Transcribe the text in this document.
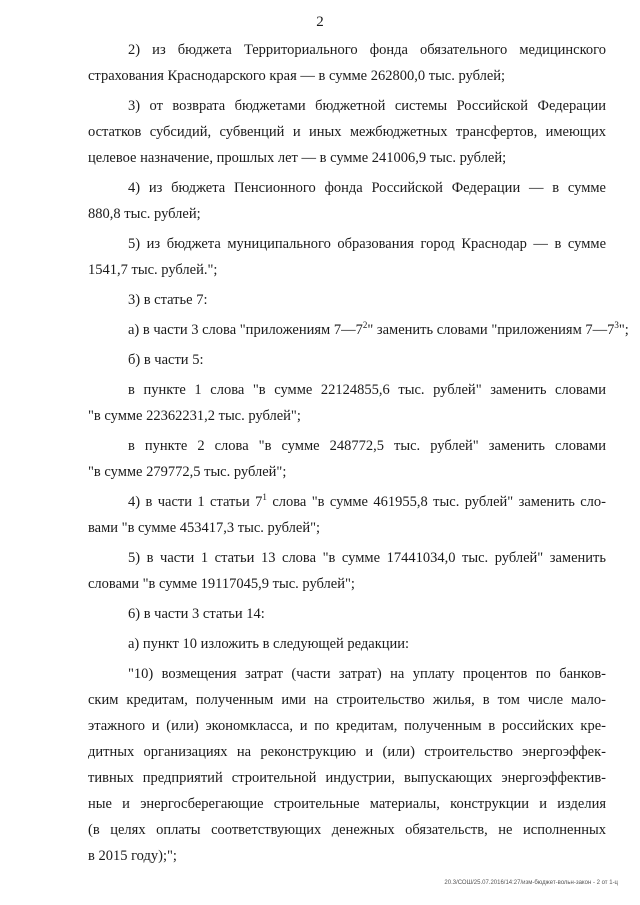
2
2) из бюджета Территориального фонда обязательного медицинского
страхования Краснодарского края — в сумме 262800,0 тыс. рублей;
3) от возврата бюджетами бюджетной системы Российской Федерации
остатков субсидий, субвенций и иных межбюджетных трансфертов, имеющих
целевое назначение, прошлых лет — в сумме 241006,9 тыс. рублей;
4) из бюджета Пенсионного фонда Российской Федерации — в сумме
880,8 тыс. рублей;
5) из бюджета муниципального образования город Краснодар — в сумме
1541,7 тыс. рублей.";
3) в статье 7:
а) в части 3 слова "приложениям $7—7^2$" заменить словами "приложениям $7—7^3$";
б) в части 5:
в пункте 1 слова "в сумме 22124855,6 тыс. рублей" заменить словами
"в сумме 22362231,2 тыс. рублей";
в пункте 2 слова "в сумме 248772,5 тыс. рублей" заменить словами
"в сумме 279772,5 тыс. рублей";
4) в части 1 статьи $7^1$ слова "в сумме 461955,8 тыс. рублей" заменить сло-
вами "в сумме 453417,3 тыс. рублей";
5) в части 1 статьи 13 слова "в сумме 17441034,0 тыс. рублей" заменить
словами "в сумме 19117045,9 тыс. рублей";
6) в части 3 статьи 14:
а) пункт 10 изложить в следующей редакции:
"10) возмещения затрат (части затрат) на уплату процентов по банков-
ским кредитам, полученным ими на строительство жилья, в том числе мало-
этажного и (или) экономкласса, и по кредитам, полученным в российских кре-
дитных организациях на реконструкцию и (или) строительство энергоэффек-
тивных предприятий строительной индустрии, выпускающих энергоэффектив-
ные и энергосберегающие строительные материалы, конструкции и изделия
(в целях оплаты соответствующих денежных обязательств, не исполненных
в 2015 году);";
20.3/СОШ/25.07.2016/14:27/изм-бюджет-вольн-закон - 2 от 1-ц
